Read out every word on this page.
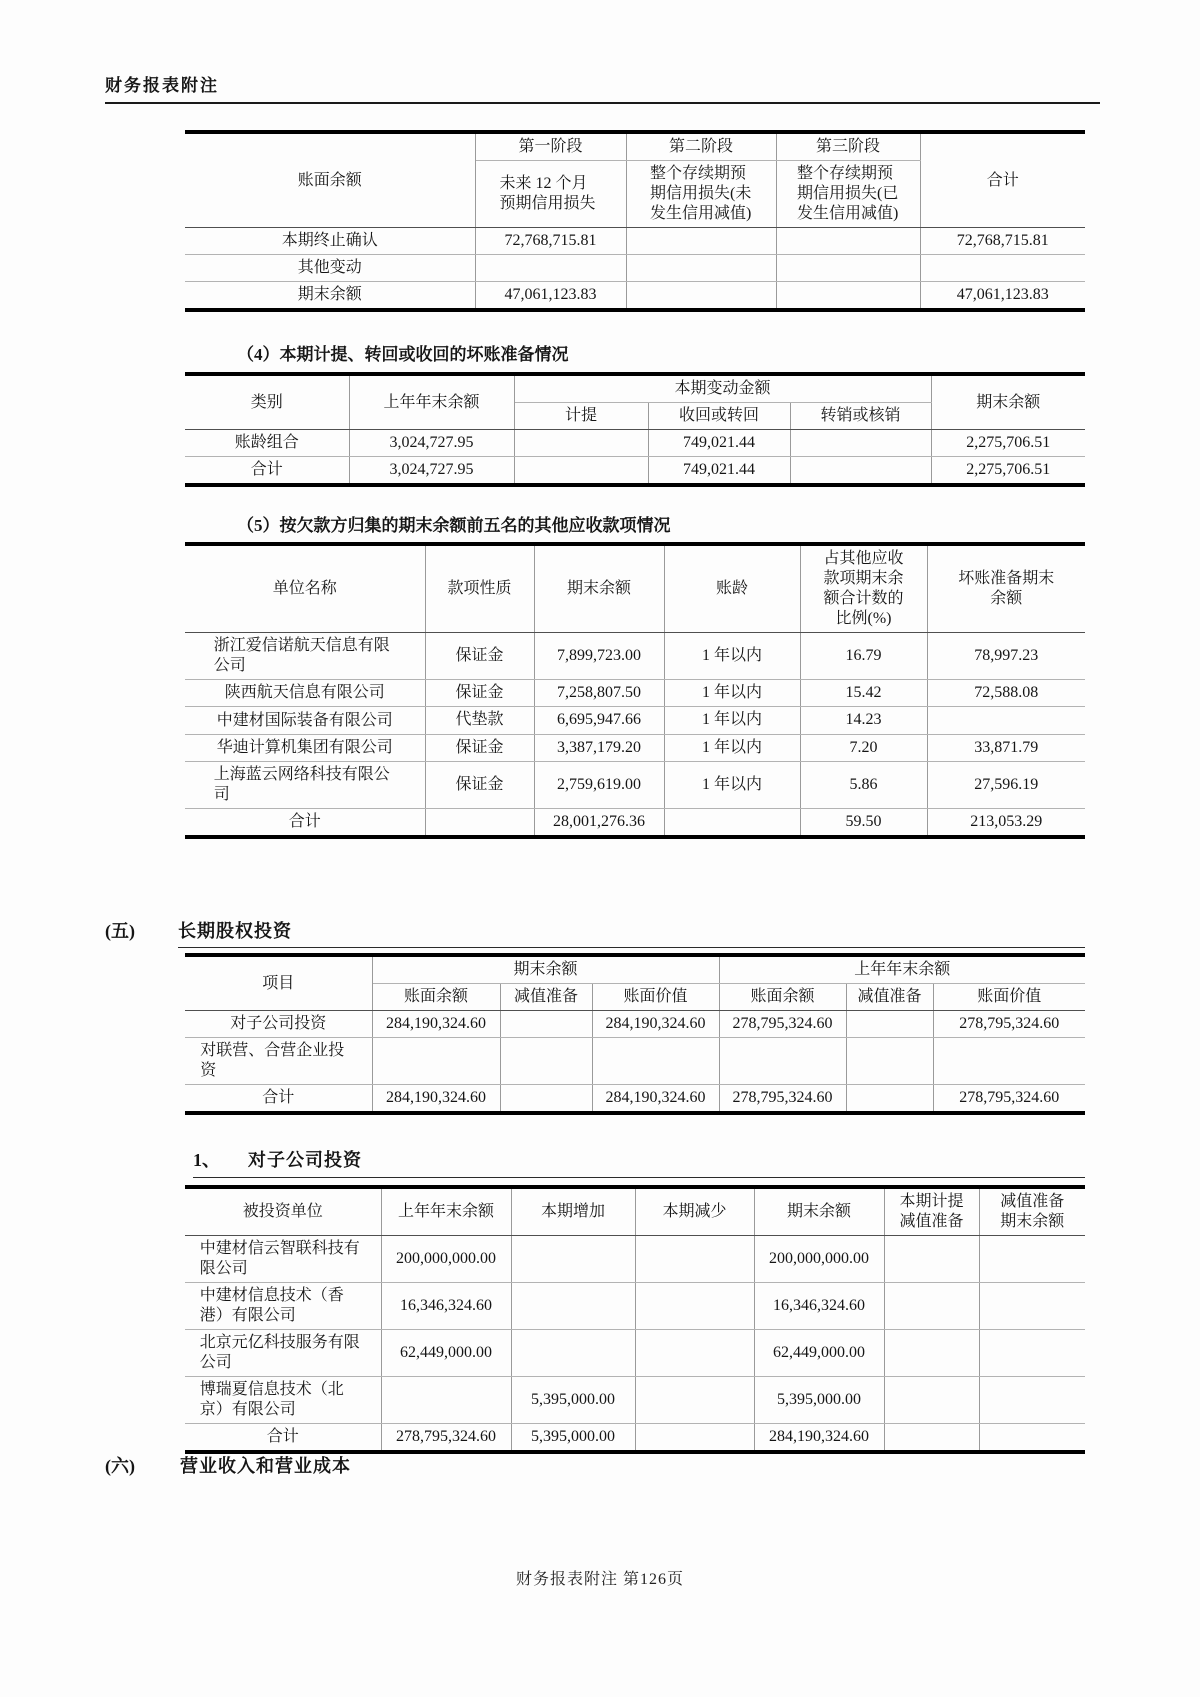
财务报表附注
账面余额	第一阶段	第二阶段	第三阶段	合计
	未来 12 个月预期信用损失	整个存续期预期信用损失(未发生信用减值)	整个存续期预期信用损失(已发生信用减值)	
本期终止确认	72,768,715.81			72,768,715.81
其他变动				
期末余额	47,061,123.83			47,061,123.83
（4）本期计提、转回或收回的坏账准备情况
类别	上年年末余额	本期变动金额			期末余额
		计提	收回或转回	转销或核销	
账龄组合	3,024,727.95		749,021.44		2,275,706.51
合计	3,024,727.95		749,021.44		2,275,706.51
（5）按欠款方归集的期末余额前五名的其他应收款项情况
单位名称	款项性质	期末余额	账龄	占其他应收款项期末余额合计数的比例(%)	坏账准备期末余额
浙江爱信诺航天信息有限公司	保证金	7,899,723.00	1 年以内	16.79	78,997.23
陕西航天信息有限公司	保证金	7,258,807.50	1 年以内	15.42	72,588.08
中建材国际装备有限公司	代垫款	6,695,947.66	1 年以内	14.23	
华迪计算机集团有限公司	保证金	3,387,179.20	1 年以内	7.20	33,871.79
上海蓝云网络科技有限公司	保证金	2,759,619.00	1 年以内	5.86	27,596.19
合计		28,001,276.36		59.50	213,053.29
(五) 长期股权投资
项目	期末余额			上年年末余额		
	账面余额	减值准备	账面价值	账面余额	减值准备	账面价值
对子公司投资	284,190,324.60		284,190,324.60	278,795,324.60		278,795,324.60
对联营、合营企业投资						
合计	284,190,324.60		284,190,324.60	278,795,324.60		278,795,324.60
1、 对子公司投资
被投资单位	上年年末余额	本期增加	本期减少	期末余额	本期计提减值准备	减值准备期末余额
中建材信云智联科技有限公司	200,000,000.00			200,000,000.00		
中建材信息技术（香港）有限公司	16,346,324.60			16,346,324.60		
北京元亿科技服务有限公司	62,449,000.00			62,449,000.00		
博瑞夏信息技术（北京）有限公司		5,395,000.00		5,395,000.00		
合计	278,795,324.60	5,395,000.00		284,190,324.60		
(六)	营业收入和营业成本
财务报表附注 第126页
